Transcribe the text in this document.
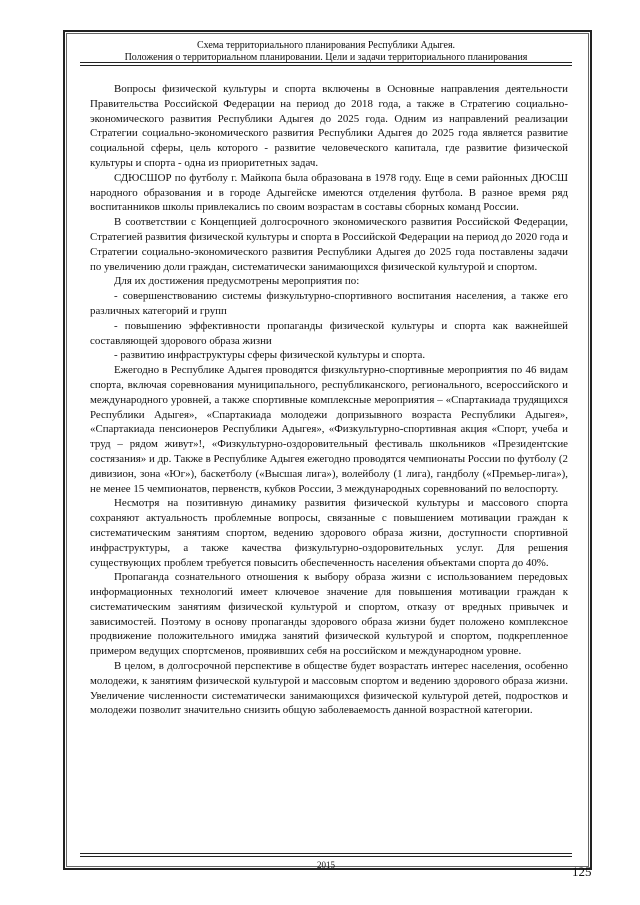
Схема территориального планирования Республики Адыгея.
Положения о территориальном планировании. Цели и задачи территориального планирования

Вопросы физической культуры и спорта включены в Основные направления деятельности Правительства Российской Федерации на период до 2018 года, а также в Стратегию социально-экономического развития Республики Адыгея до 2025 года. Одним из направлений реализации Стратегии социально-экономического развития Республики Адыгея до 2025 года является развитие социальной сферы, цель которого - развитие человеческого капитала, где развитие физической культуры и спорта - одна из приоритетных задач.

СДЮСШОР по футболу г. Майкопа была образована в 1978 году. Еще в семи районных ДЮСШ народного образования и в городе Адыгейске имеются отделения футбола. В разное время ряд воспитанников школы привлекались по своим возрастам в составы сборных команд России.

В соответствии с Концепцией долгосрочного экономического развития Российской Федерации, Стратегией развития физической культуры и спорта в Российской Федерации на период до 2020 года и Стратегии социально-экономического развития Республики Адыгея до 2025 года поставлены задачи по увеличению доли граждан, систематически занимающихся физической культурой и спортом.

Для их достижения предусмотрены мероприятия по:

- совершенствованию системы физкультурно-спортивного воспитания населения, а также его различных категорий и групп

- повышению эффективности пропаганды физической культуры и спорта как важнейшей составляющей здорового образа жизни

- развитию инфраструктуры сферы физической культуры и спорта.

Ежегодно в Республике Адыгея проводятся физкультурно-спортивные мероприятия по 46 видам спорта, включая соревнования муниципального, республиканского, регионального, всероссийского и международного уровней, а также спортивные комплексные мероприятия – «Спартакиада трудящихся Республики Адыгея», «Спартакиада молодежи допризывного возраста Республики Адыгея», «Спартакиада пенсионеров Республики Адыгея», «Физкультурно-спортивная акция «Спорт, учеба и труд – рядом живут»!, «Физкультурно-оздоровительный фестиваль школьников «Президентские состязания» и др. Также в Республике Адыгея ежегодно проводятся чемпионаты России по футболу (2 дивизион, зона «Юг»), баскетболу («Высшая лига»), волейболу (1 лига), гандболу («Премьер-лига»), не менее 15 чемпионатов, первенств, кубков России, 3 международных соревнований по велоспорту.

Несмотря на позитивную динамику развития физической культуры и массового спорта сохраняют актуальность проблемные вопросы, связанные с повышением мотивации граждан к систематическим занятиям спортом, ведению здорового образа жизни, доступности спортивной инфраструктуры, а также качества физкультурно-оздоровительных услуг. Для решения существующих проблем требуется повысить обеспеченность населения объектами спорта до 40%.

Пропаганда сознательного отношения к выбору образа жизни с использованием передовых информационных технологий имеет ключевое значение для повышения мотивации граждан к систематическим занятиям физической культурой и спортом, отказу от вредных привычек и зависимостей. Поэтому в основу пропаганды здорового образа жизни будет положено комплексное продвижение положительного имиджа занятий физической культурой и спортом, подкрепленное примером ведущих спортсменов, проявивших себя на российском и международном уровне.

В целом, в долгосрочной перспективе в обществе будет возрастать интерес населения, особенно молодежи, к занятиям физической культурой и массовым спортом и ведению здорового образа жизни. Увеличение численности систематически занимающихся физической культурой детей, подростков и молодежи позволит значительно снизить общую заболеваемость данной возрастной категории.

2015	125
